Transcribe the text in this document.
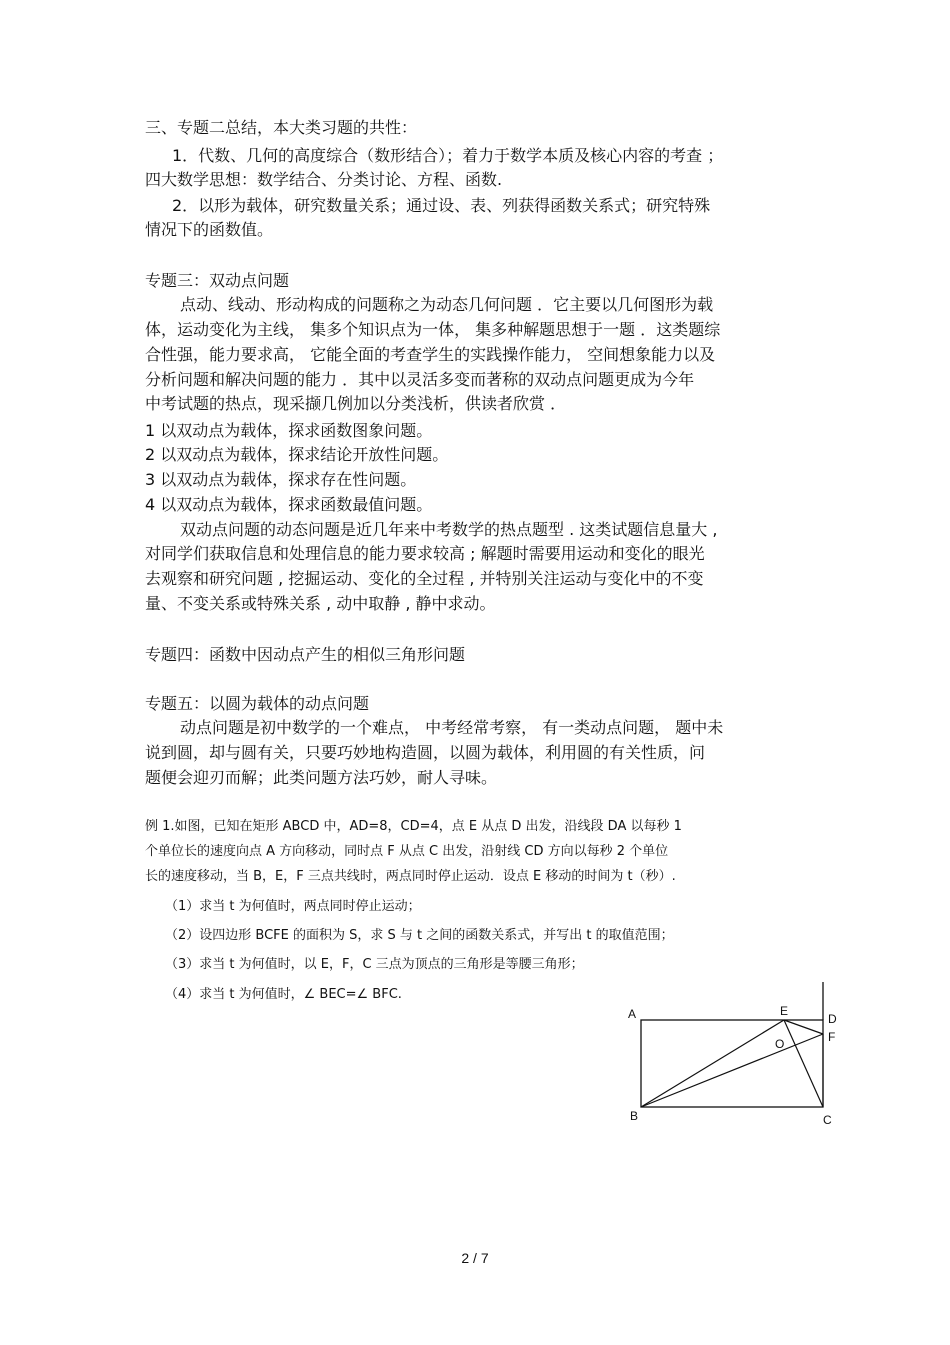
三、专题二总结，本大类习题的共性：
1．代数、几何的高度综合（数形结合）；着力于数学本质及核心内容的考查 ；
四大数学思想：数学结合、分类讨论、方程、函数.
2．以形为载体，研究数量关系；通过设、表、列获得函数关系式；研究特殊
情况下的函数值。
专题三：双动点问题
点动、线动、形动构成的问题称之为动态几何问题 ．它主要以几何图形为载
体，运动变化为主线， 集多个知识点为一体， 集多种解题思想于一题 ．这类题综
合性强，能力要求高， 它能全面的考查学生的实践操作能力， 空间想象能力以及
分析问题和解决问题的能力 ．其中以灵活多变而著称的双动点问题更成为今年
中考试题的热点，现采撷几例加以分类浅析，供读者欣赏 ．
1 以双动点为载体，探求函数图象问题。
2 以双动点为载体，探求结论开放性问题。
3 以双动点为载体，探求存在性问题。
4 以双动点为载体，探求函数最值问题。
双动点问题的动态问题是近几年来中考数学的热点题型 . 这类试题信息量大 ,
对同学们获取信息和处理信息的能力要求较高 ; 解题时需要用运动和变化的眼光
去观察和研究问题 , 挖掘运动、变化的全过程 , 并特别关注运动与变化中的不变
量、不变关系或特殊关系 , 动中取静 , 静中求动。
专题四：函数中因动点产生的相似三角形问题
专题五：以圆为载体的动点问题
动点问题是初中数学的一个难点， 中考经常考察， 有一类动点问题， 题中未
说到圆，却与圆有关，只要巧妙地构造圆，以圆为载体，利用圆的有关性质，问
题便会迎刃而解；此类问题方法巧妙，耐人寻味。
例 1.如图，已知在矩形 ABCD 中，AD=8，CD=4，点 E 从点 D 出发，沿线段 DA 以每秒 1
个单位长的速度向点 A 方向移动，同时点 F 从点 C 出发，沿射线 CD 方向以每秒 2 个单位
长的速度移动，当 B，E，F 三点共线时，两点同时停止运动．设点 E 移动的时间为 t（秒）.
（1）求当 t 为何值时，两点同时停止运动；
（2）设四边形 BCFE 的面积为 S，求 S 与 t 之间的函数关系式，并写出 t 的取值范围；
（3）求当 t 为何值时，以 E，F，C 三点为顶点的三角形是等腰三角形；
（4）求当 t 为何值时，∠ BEC=∠ BFC.
A	E
D
F
O
B	C
2 / 7
